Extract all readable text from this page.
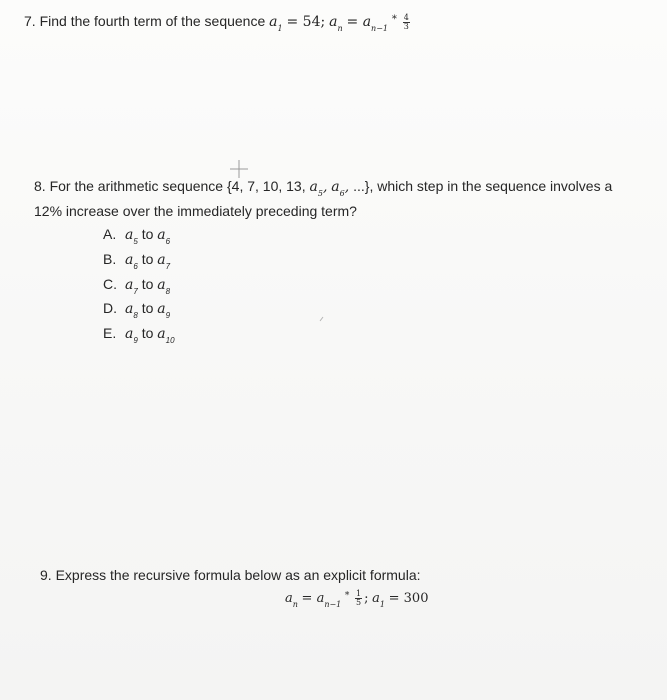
7. Find the fourth term of the sequence $a_1 = 54$; $a_n = a_{n-1}$ $^* \frac{4}{3}$
8. For the arithmetic sequence {4, 7, 10, 13, $a_5$, $a_6$, ...}, which step in the sequence involves a
12% increase over the immediately preceding term?
A. $a_5$ to $a_6$
B. $a_6$ to $a_7$
C. $a_7$ to $a_8$
D. $a_8$ to $a_9$
E. $a_9$ to $a_{10}$
9. Express the recursive formula below as an explicit formula:
$a_n = a_{n-1}$ $^* \frac{1}{5}$ ; $a_1 = 300$
